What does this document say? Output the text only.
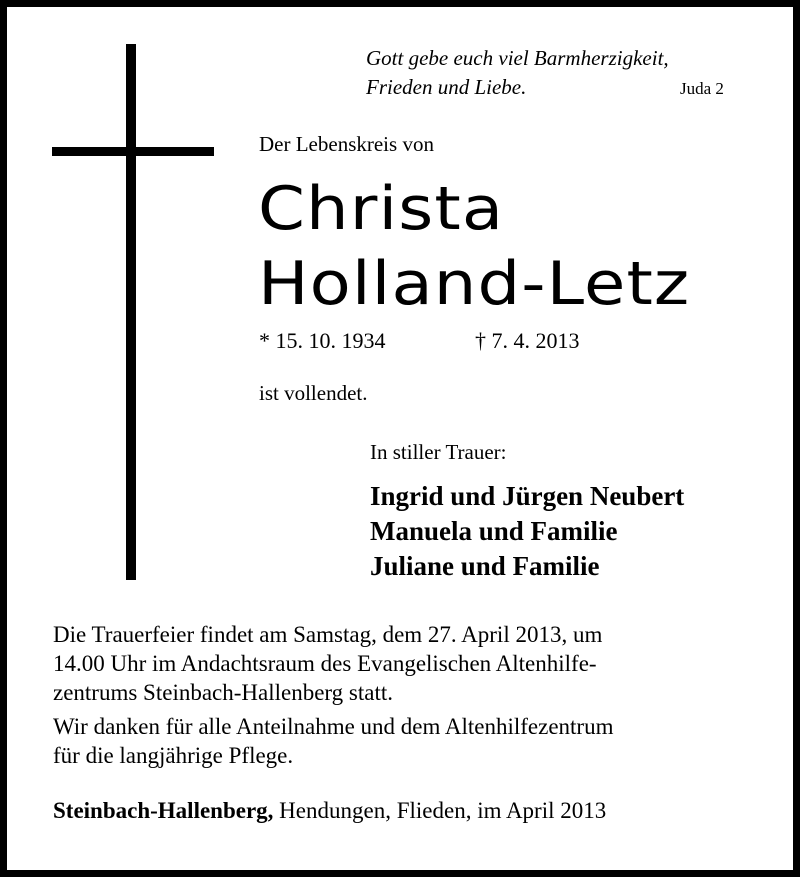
Gott gebe euch viel Barmherzigkeit,
Frieden und Liebe.	Juda 2
Der Lebenskreis von
Christa
Holland-Letz
* 15. 10. 1934	† 7. 4. 2013
ist vollendet.
In stiller Trauer:
Ingrid und Jürgen Neubert
Manuela und Familie
Juliane und Familie
Die Trauerfeier findet am Samstag, dem 27. April 2013, um
14.00 Uhr im Andachtsraum des Evangelischen Altenhilfe-
zentrums Steinbach-Hallenberg statt.
Wir danken für alle Anteilnahme und dem Altenhilfezentrum
für die langjährige Pflege.
Steinbach-Hallenberg, Hendungen, Flieden, im April 2013
